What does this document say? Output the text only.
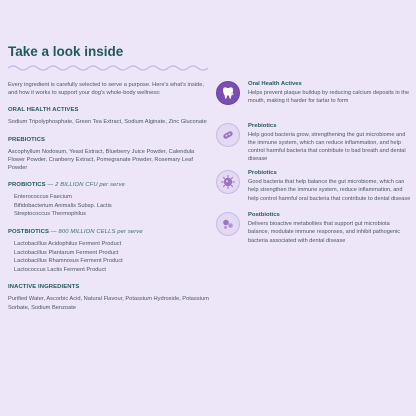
Take a look inside

Every ingredient is carefully selected to serve a purpose. Here's what's inside, and how it works to support your dog's whole-body wellness:

ORAL HEALTH ACTIVES

Sodium Tripolyphosphate, Green Tea Extract, Sodium Alginate, Zinc Gluconate

PREBIOTICS

Ascophyllum Nodosum, Yeast Extract, Blueberry Juice Powder, Calendula Flower Powder, Cranberry Extract, Pomegranate Powder, Rosemary Leaf Powder

PROBIOTICS — 2 BILLION CFU per serve
Enterococcus Faecium
Bifidobacterium Animalis Subsp. Lactis
Streptococcus Thermophilus
POSTBIOTICS — 800 MILLION CELLS per serve
Lactobacillus Acidophilus Ferment Product
Lactobacillus Plantarum Ferment Product
Lactobacillus Rhamnosus Ferment Product
Lactococcus Lactis Ferment Product
INACTIVE INGREDIENTS

Purified Water, Ascorbic Acid, Natural Flavour, Potassium Hydroxide, Potassium Sorbate, Sodium Benzoate

Oral Health Actives

Helps prevent plaque buildup by reducing calcium deposits in the mouth, making it harder for tartar to form

Prebiotics

Help good bacteria grow, strengthening the gut microbiome and the immune system, which can reduce inflammation, and help control harmful bacteria that contribute to bad breath and dental disease

Probiotics

Good bacteria that help balance the gut microbiome, which can help strengthen the immune system, reduce inflammation, and help control harmful oral bacteria that contribute to dental disease

Postbiotics

Delivers bioactive metabolites that support gut microbiota balance, modulate immune responses, and inhibit pathogenic bacteria associated with dental disease
